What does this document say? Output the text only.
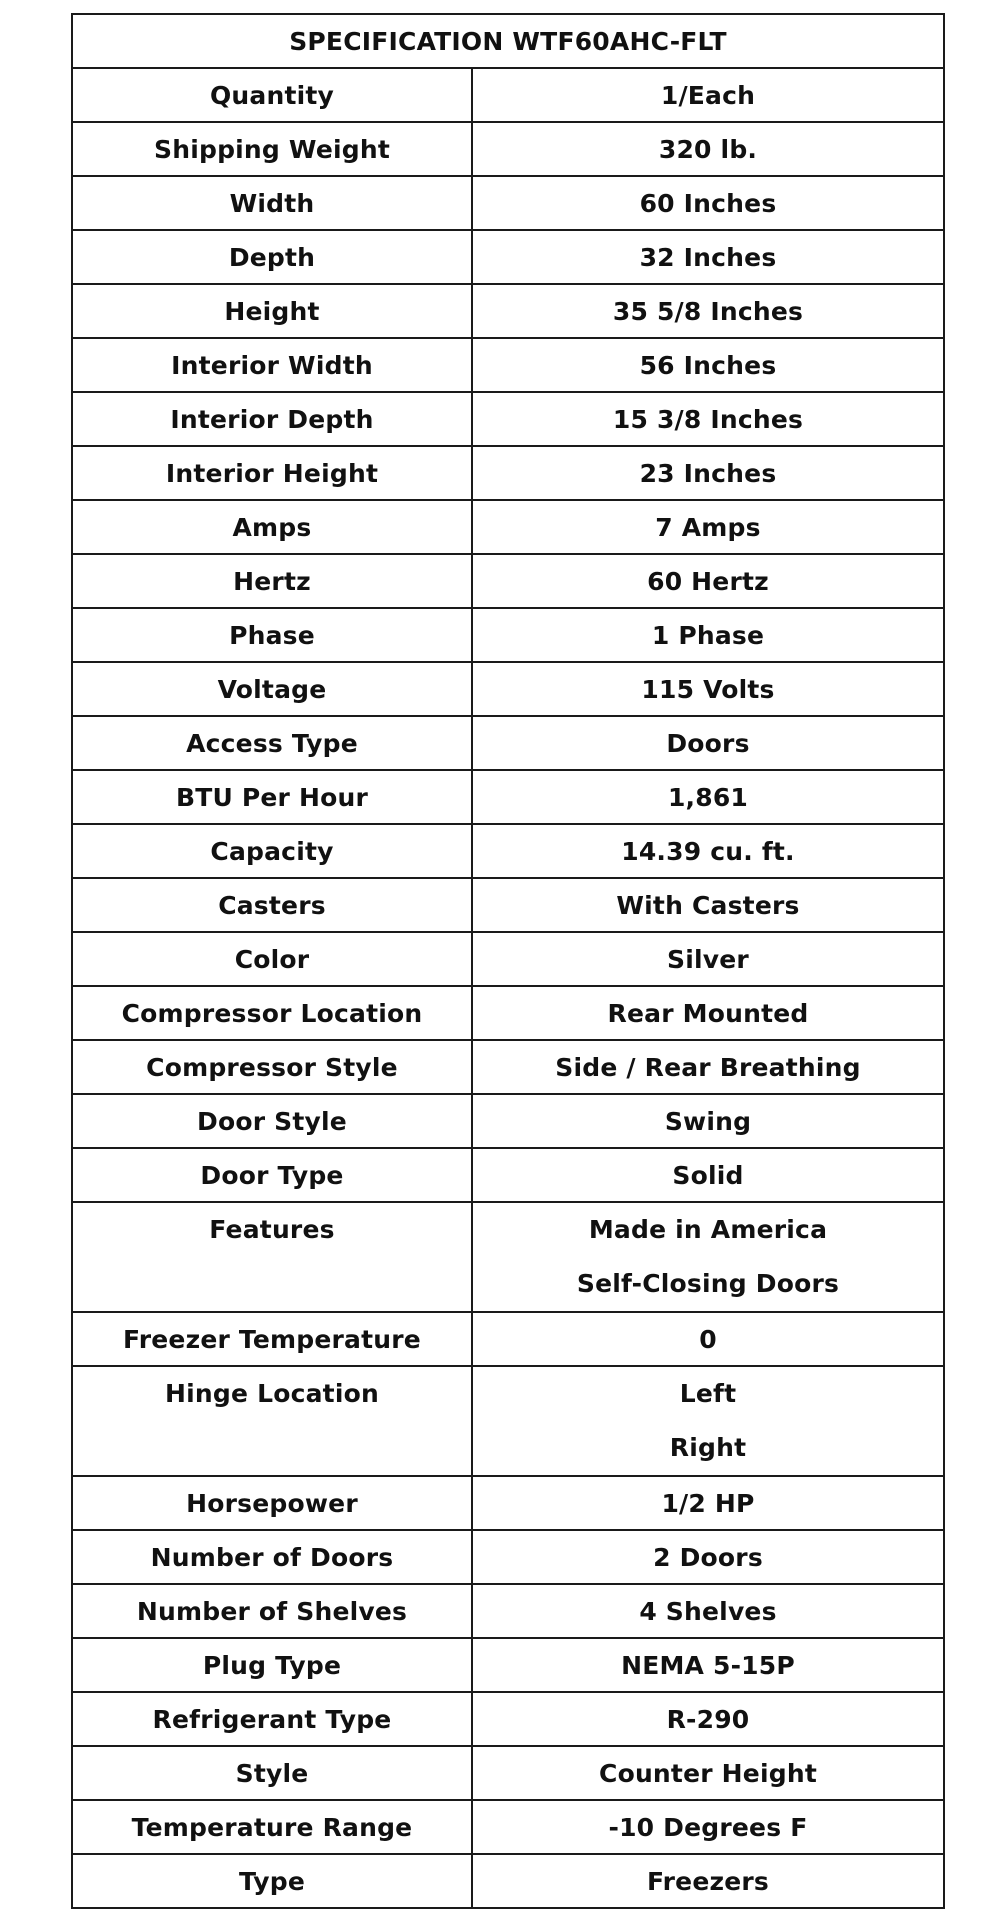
SPECIFICATION WTF60AHC-FLT	
Quantity	1/Each
Shipping Weight	320 lb.
Width	60 Inches
Depth	32 Inches
Height	35 5/8 Inches
Interior Width	56 Inches
Interior Depth	15 3/8 Inches
Interior Height	23 Inches
Amps	7 Amps
Hertz	60 Hertz
Phase	1 Phase
Voltage	115 Volts
Access Type	Doors
BTU Per Hour	1,861
Capacity	14.39 cu. ft.
Casters	With Casters
Color	Silver
Compressor Location	Rear Mounted
Compressor Style	Side / Rear Breathing
Door Style	Swing
Door Type	Solid

Features	Made in America
Self-Closing Doors

Freezer Temperature	0

Hinge Location	Left
Right

Horsepower	1/2 HP
Number of Doors	2 Doors
Number of Shelves	4 Shelves
Plug Type	NEMA 5-15P
Refrigerant Type	R-290
Style	Counter Height
Temperature Range	-10 Degrees F
Type	Freezers
